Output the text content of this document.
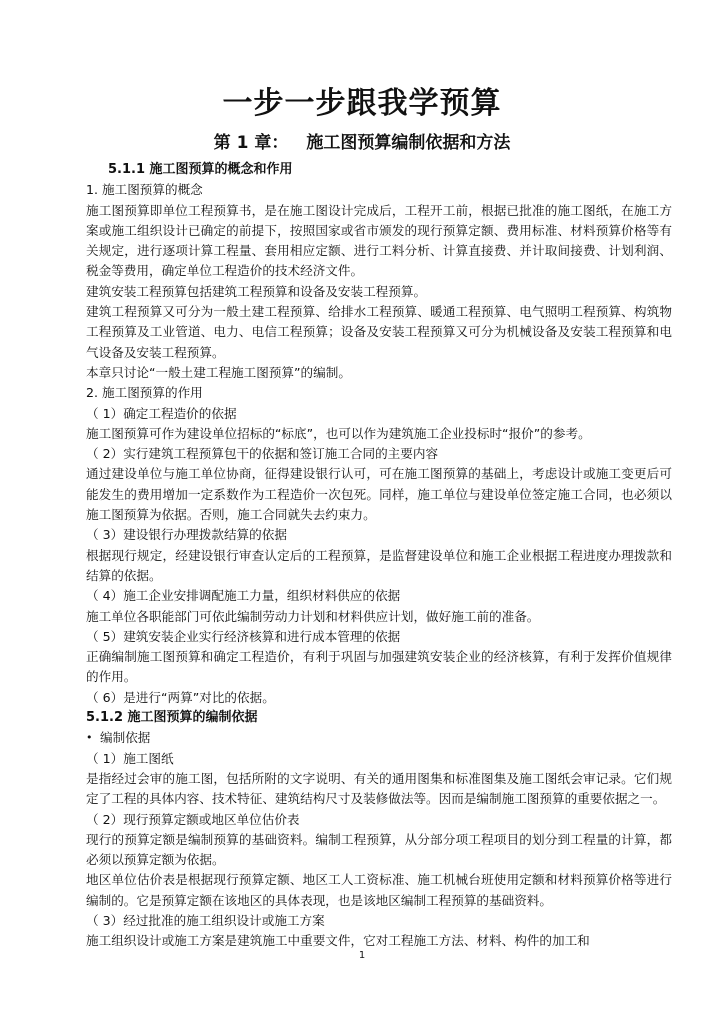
一步一步跟我学预算
第 1 章： 施工图预算编制依据和方法

5.1.1 施工图预算的概念和作用

1. 施工图预算的概念

施工图预算即单位工程预算书，是在施工图设计完成后，工程开工前，根据已批准的施工图纸，在施工方案或施工组织设计已确定的前提下，按照国家或省市颁发的现行预算定额、费用标准、材料预算价格等有关规定，进行逐项计算工程量、套用相应定额、进行工料分析、计算直接费、并计取间接费、计划利润、税金等费用，确定单位工程造价的技术经济文件。

建筑安装工程预算包括建筑工程预算和设备及安装工程预算。

建筑工程预算又可分为一般土建工程预算、给排水工程预算、暖通工程预算、电气照明工程预算、构筑物工程预算及工业管道、电力、电信工程预算；设备及安装工程预算又可分为机械设备及安装工程预算和电气设备及安装工程预算。

本章只讨论“一般土建工程施工图预算”的编制。

2. 施工图预算的作用

（ 1）确定工程造价的依据

施工图预算可作为建设单位招标的“标底”，也可以作为建筑施工企业投标时“报价”的参考。

（ 2）实行建筑工程预算包干的依据和签订施工合同的主要内容

通过建设单位与施工单位协商，征得建设银行认可，可在施工图预算的基础上，考虑设计或施工变更后可能发生的费用增加一定系数作为工程造价一次包死。同样，施工单位与建设单位签定施工合同，也必须以施工图预算为依据。否则，施工合同就失去约束力。

（ 3）建设银行办理拨款结算的依据

根据现行规定，经建设银行审查认定后的工程预算，是监督建设单位和施工企业根据工程进度办理拨款和结算的依据。

（ 4）施工企业安排调配施工力量，组织材料供应的依据

施工单位各职能部门可依此编制劳动力计划和材料供应计划，做好施工前的准备。

（ 5）建筑安装企业实行经济核算和进行成本管理的依据

正确编制施工图预算和确定工程造价，有利于巩固与加强建筑安装企业的经济核算，有利于发挥价值规律的作用。

（ 6）是进行“两算”对比的依据。

5.1.2 施工图预算的编制依据

• 编制依据

（ 1）施工图纸

是指经过会审的施工图，包括所附的文字说明、有关的通用图集和标准图集及施工图纸会审记录。它们规定了工程的具体内容、技术特征、建筑结构尺寸及装修做法等。因而是编制施工图预算的重要依据之一。

（ 2）现行预算定额或地区单位估价表

现行的预算定额是编制预算的基础资料。编制工程预算，从分部分项工程项目的划分到工程量的计算，都必须以预算定额为依据。

地区单位估价表是根据现行预算定额、地区工人工资标准、施工机械台班使用定额和材料预算价格等进行编制的。它是预算定额在该地区的具体表现，也是该地区编制工程预算的基础资料。

（ 3）经过批准的施工组织设计或施工方案

施工组织设计或施工方案是建筑施工中重要文件，它对工程施工方法、材料、构件的加工和

1
